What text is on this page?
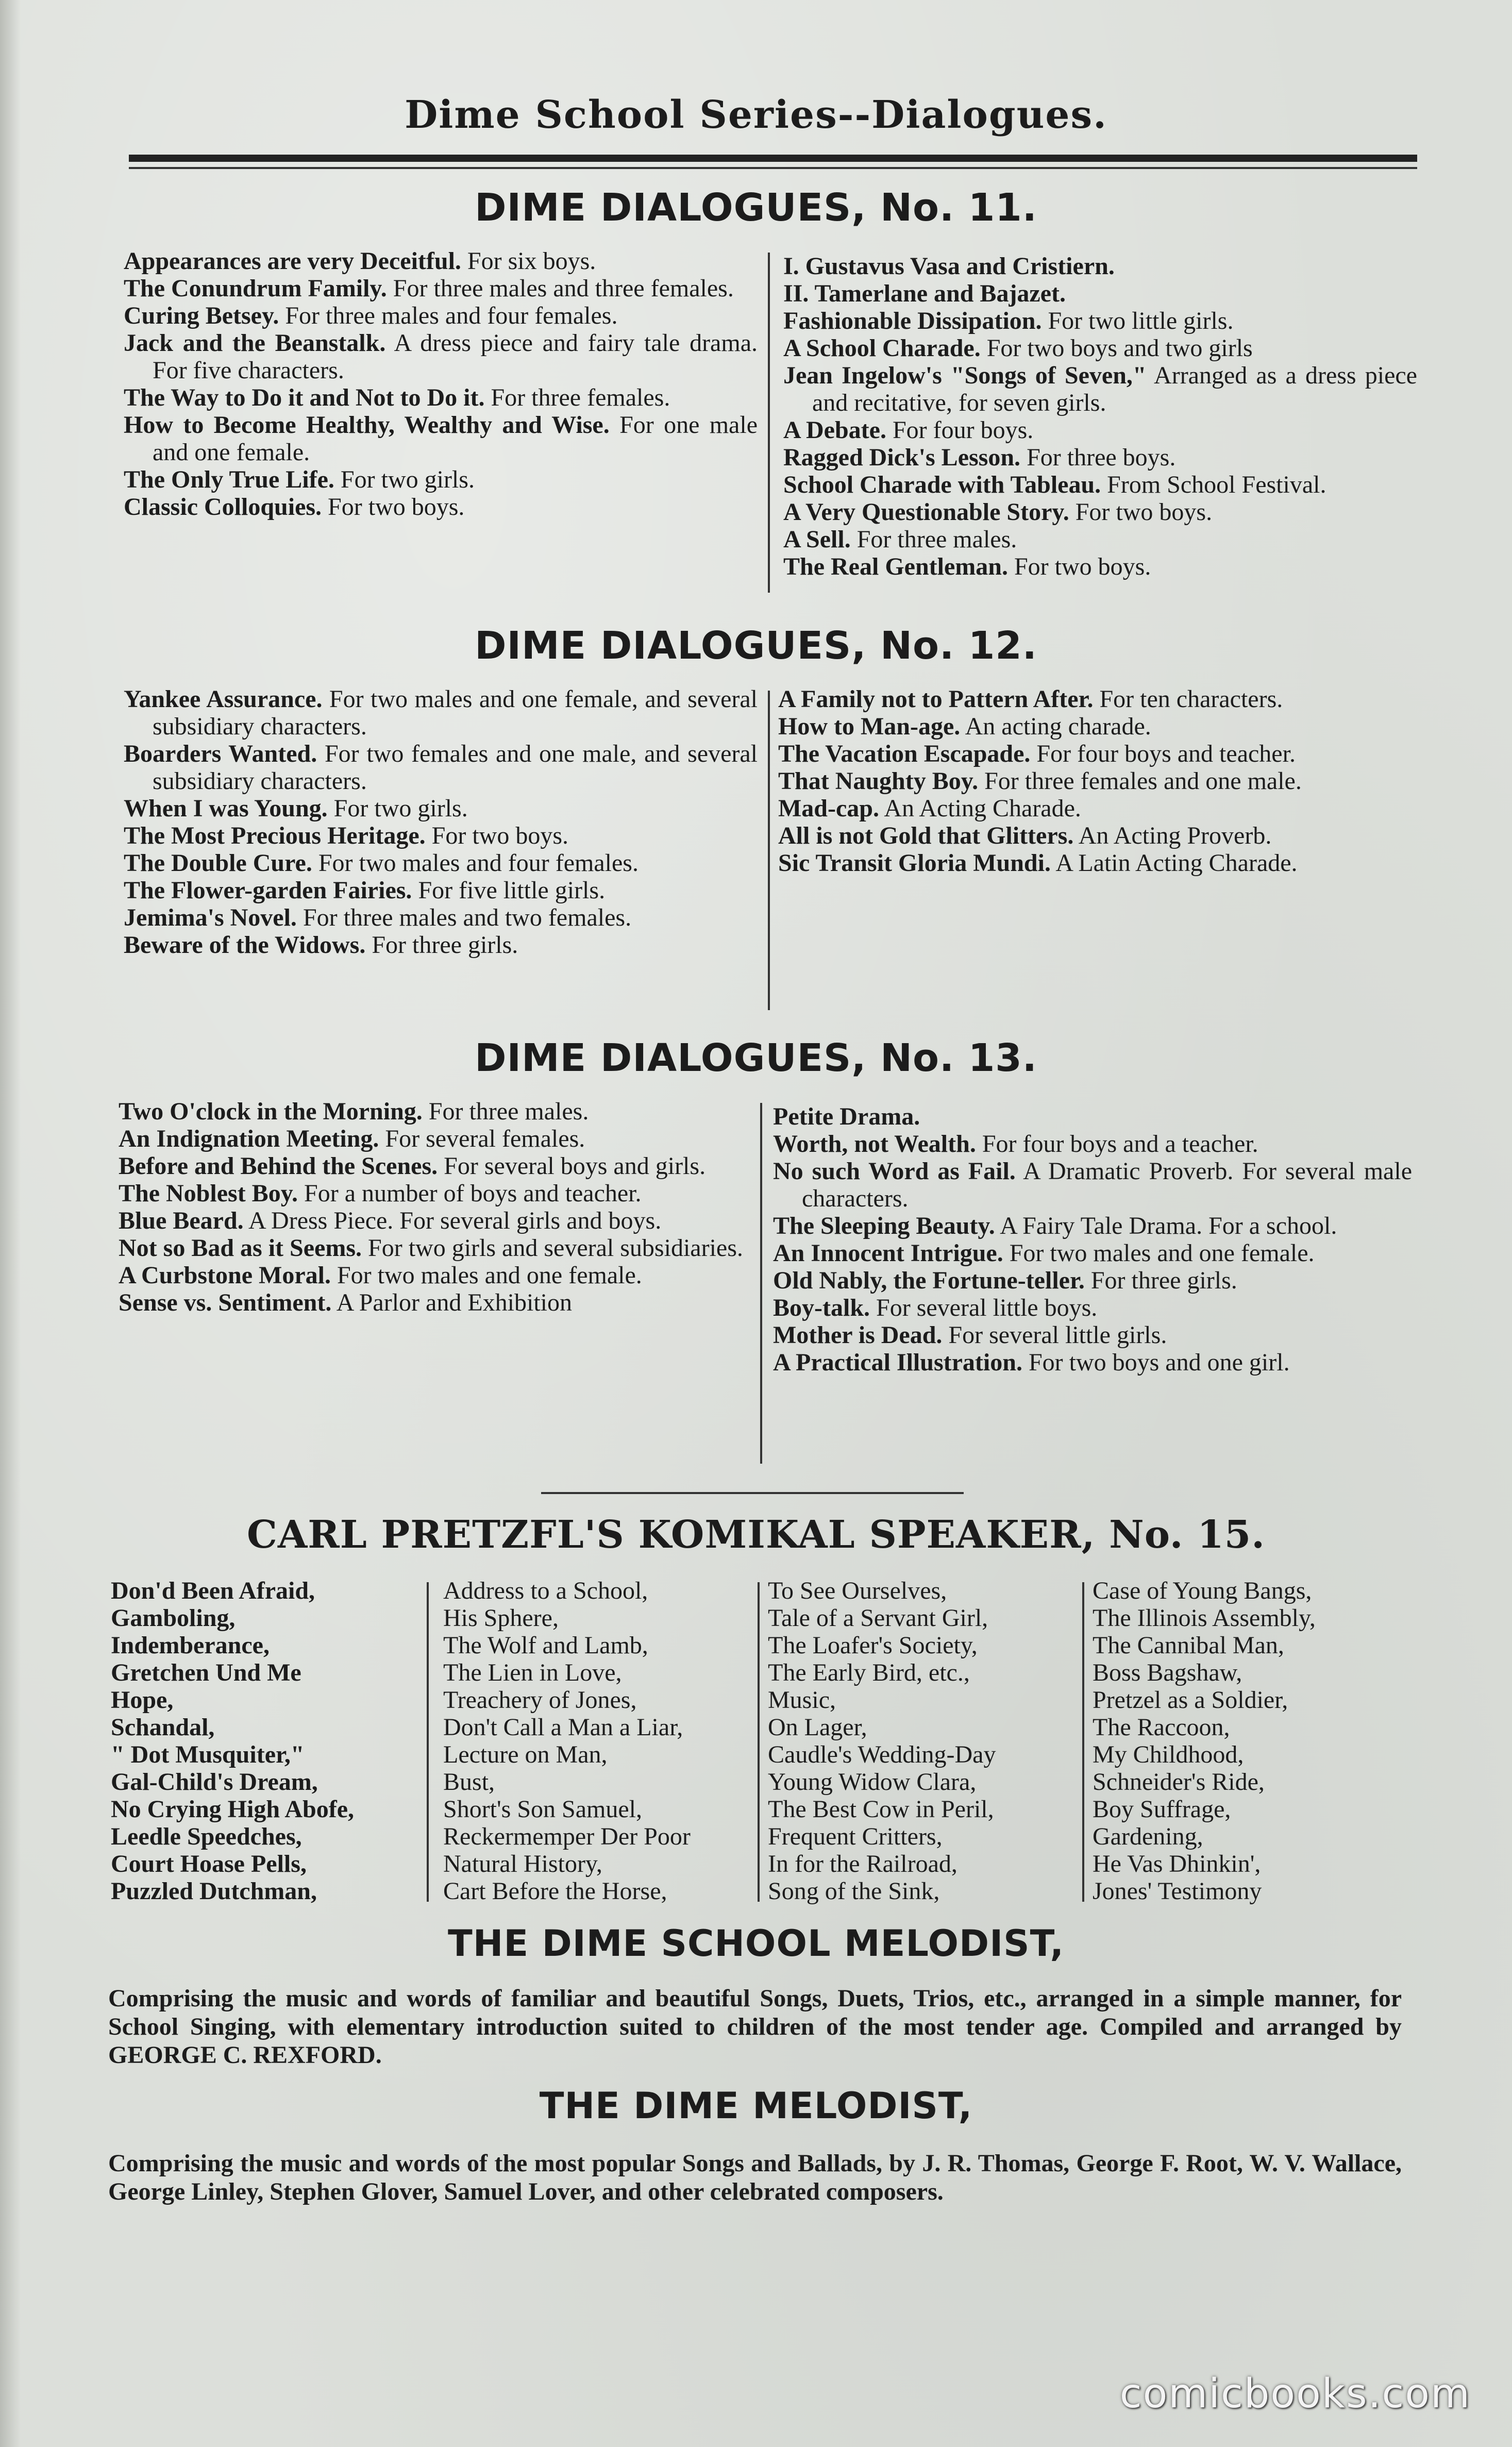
Dime School Series--Dialogues.
DIME DIALOGUES, No. 11.

Appearances are very Deceitful. For six boys.

The Conundrum Family. For three males and three females.

Curing Betsey. For three males and four females.

Jack and the Beanstalk. A dress piece and fairy tale drama. For five characters.

The Way to Do it and Not to Do it. For three females.

How to Become Healthy, Wealthy and Wise. For one male and one female.

The Only True Life. For two girls.

Classic Colloquies. For two boys.

I. Gustavus Vasa and Cristiern.

II. Tamerlane and Bajazet.

Fashionable Dissipation. For two little girls.

A School Charade. For two boys and two girls

Jean Ingelow's "Songs of Seven," Arranged as a dress piece and recitative, for seven girls.

A Debate. For four boys.

Ragged Dick's Lesson. For three boys.

School Charade with Tableau. From School Festival.

A Very Questionable Story. For two boys.

A Sell. For three males.

The Real Gentleman. For two boys.

DIME DIALOGUES, No. 12.

Yankee Assurance. For two males and one female, and several subsidiary characters.

Boarders Wanted. For two females and one male, and several subsidiary characters.

When I was Young. For two girls.

The Most Precious Heritage. For two boys.

The Double Cure. For two males and four females.

The Flower-garden Fairies. For five little girls.

Jemima's Novel. For three males and two females.

Beware of the Widows. For three girls.

A Family not to Pattern After. For ten characters.

How to Man-age. An acting charade.

The Vacation Escapade. For four boys and teacher.

That Naughty Boy. For three females and one male.

Mad-cap. An Acting Charade.

All is not Gold that Glitters. An Acting Proverb.

Sic Transit Gloria Mundi. A Latin Acting Charade.

DIME DIALOGUES, No. 13.

Two O'clock in the Morning. For three males.

An Indignation Meeting. For several females.

Before and Behind the Scenes. For several boys and girls.

The Noblest Boy. For a number of boys and teacher.

Blue Beard. A Dress Piece. For several girls and boys.

Not so Bad as it Seems. For two girls and several subsidiaries.

A Curbstone Moral. For two males and one female.

Sense vs. Sentiment. A Parlor and Exhibition

Petite Drama.

Worth, not Wealth. For four boys and a teacher.

No such Word as Fail. A Dramatic Proverb. For several male characters.

The Sleeping Beauty. A Fairy Tale Drama. For a school.

An Innocent Intrigue. For two males and one female.

Old Nably, the Fortune-teller. For three girls.

Boy-talk. For several little boys.

Mother is Dead. For several little girls.

A Practical Illustration. For two boys and one girl.

CARL PRETZFL'S KOMIKAL SPEAKER, No. 15.
Don'd Been Afraid,
Gamboling,
Indemberance,
Gretchen Und Me
Hope,
Schandal,
" Dot Musquiter,"
Gal-Child's Dream,
No Crying High Abofe,
Leedle Speedches,
Court Hoase Pells,
Puzzled Dutchman,
Address to a School,
His Sphere,
The Wolf and Lamb,
The Lien in Love,
Treachery of Jones,
Don't Call a Man a Liar,
Lecture on Man,
Bust,
Short's Son Samuel,
Reckermemper Der Poor
Natural History,
Cart Before the Horse,
To See Ourselves,
Tale of a Servant Girl,
The Loafer's Society,
The Early Bird, etc.,
Music,
On Lager,
Caudle's Wedding-Day
Young Widow Clara,
The Best Cow in Peril,
Frequent Critters,
In for the Railroad,
Song of the Sink,
Case of Young Bangs,
The Illinois Assembly,
The Cannibal Man,
Boss Bagshaw,
Pretzel as a Soldier,
The Raccoon,
My Childhood,
Schneider's Ride,
Boy Suffrage,
Gardening,
He Vas Dhinkin',
Jones' Testimony
THE DIME SCHOOL MELODIST,
Comprising the music and words of familiar and beautiful Songs, Duets, Trios, etc., arranged in a simple manner, for School Singing, with elementary introduction suited to children of the most tender age. Compiled and arranged by GEORGE C. REXFORD.
THE DIME MELODIST,
Comprising the music and words of the most popular Songs and Ballads, by J. R. Thomas, George F. Root, W. V. Wallace, George Linley, Stephen Glover, Samuel Lover, and other celebrated composers.
comicbooks.com
